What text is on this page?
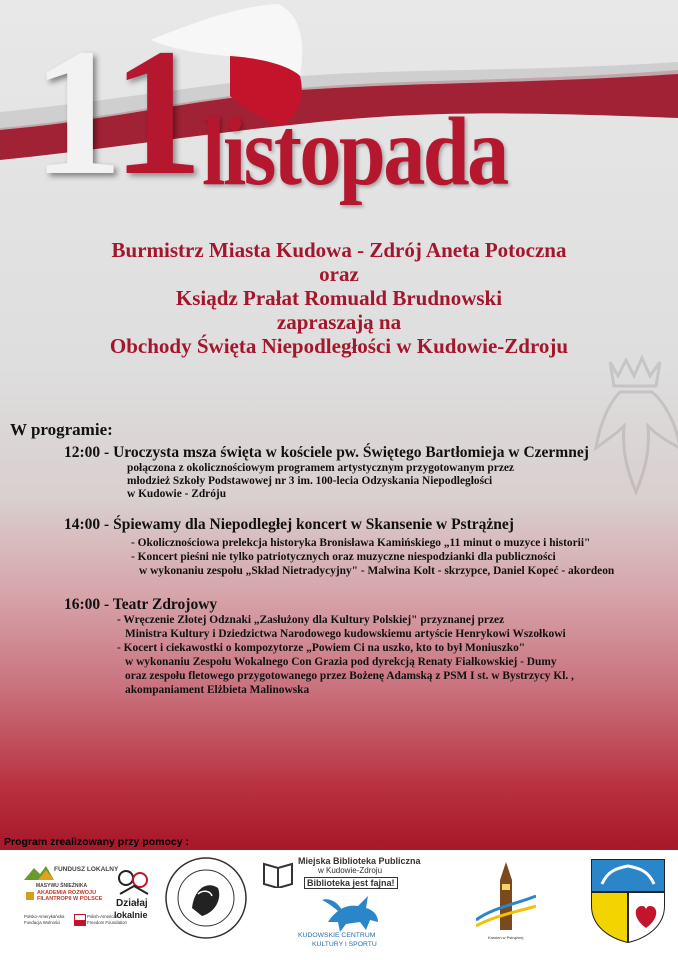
1
1 listopada
Burmistrz Miasta Kudowa - Zdrój Aneta Potoczna
oraz
Ksiądz Prałat Romuald Brudnowski
zapraszają na
Obchody Święta Niepodległości w Kudowie-Zdroju
W programie:
12:00 - Uroczysta msza święta w kościele pw. Świętego Bartłomieja w Czermnej
połączona z okolicznościowym programem artystycznym przygotowanym przez
młodzież Szkoły Podstawowej nr 3 im. 100-lecia Odzyskania Niepodległości
w Kudowie - Zdróju
14:00 - Śpiewamy dla Niepodległej koncert w Skansenie w Pstrążnej
- Okolicznościowa prelekcja historyka Bronisława Kamińskiego „11 minut o muzyce i historii"
- Koncert pieśni nie tylko patriotycznych oraz muzyczne niespodzianki dla publiczności
w wykonaniu zespołu „Skład Nietradycyjny" - Malwina Kolt - skrzypce, Daniel Kopeć - akordeon
16:00 - Teatr Zdrojowy
- Wręczenie Złotej Odznaki „Zasłużony dla Kultury Polskiej" przyznanej przez
Ministra Kultury i Dziedzictwa Narodowego kudowskiemu artyście Henrykowi Wszołkowi
- Kocert i ciekawostki o kompozytorze „Powiem Ci na uszko, kto to był Moniuszko"
w wykonaniu Zespołu Wokalnego Con Grazia pod dyrekcją Renaty Fiałkowskiej - Dumy
oraz zespołu fletowego przygotowanego przez Bożenę Adamską z PSM I st. w Bystrzycy Kl. ,
akompaniament Elżbieta Malinowska
Program zrealizowany przy pomocy :
FUNDUSZ LOKALNY
MASYWU ŚNIEŻNIKA
AKADEMIA ROZWOJU
FILANTROPII W POLSCE
Polsko-Amerykańska
Fundacja Wolności
Polish-American
Freedom Foundation
Działaj
lokalnie
Miejska Biblioteka Publiczna
w Kudowie-Zdroju
Biblioteka jest fajna!
KUDOWSKIE CENTRUM
KULTURY I SPORTU
Kamień w Pstrążnej
